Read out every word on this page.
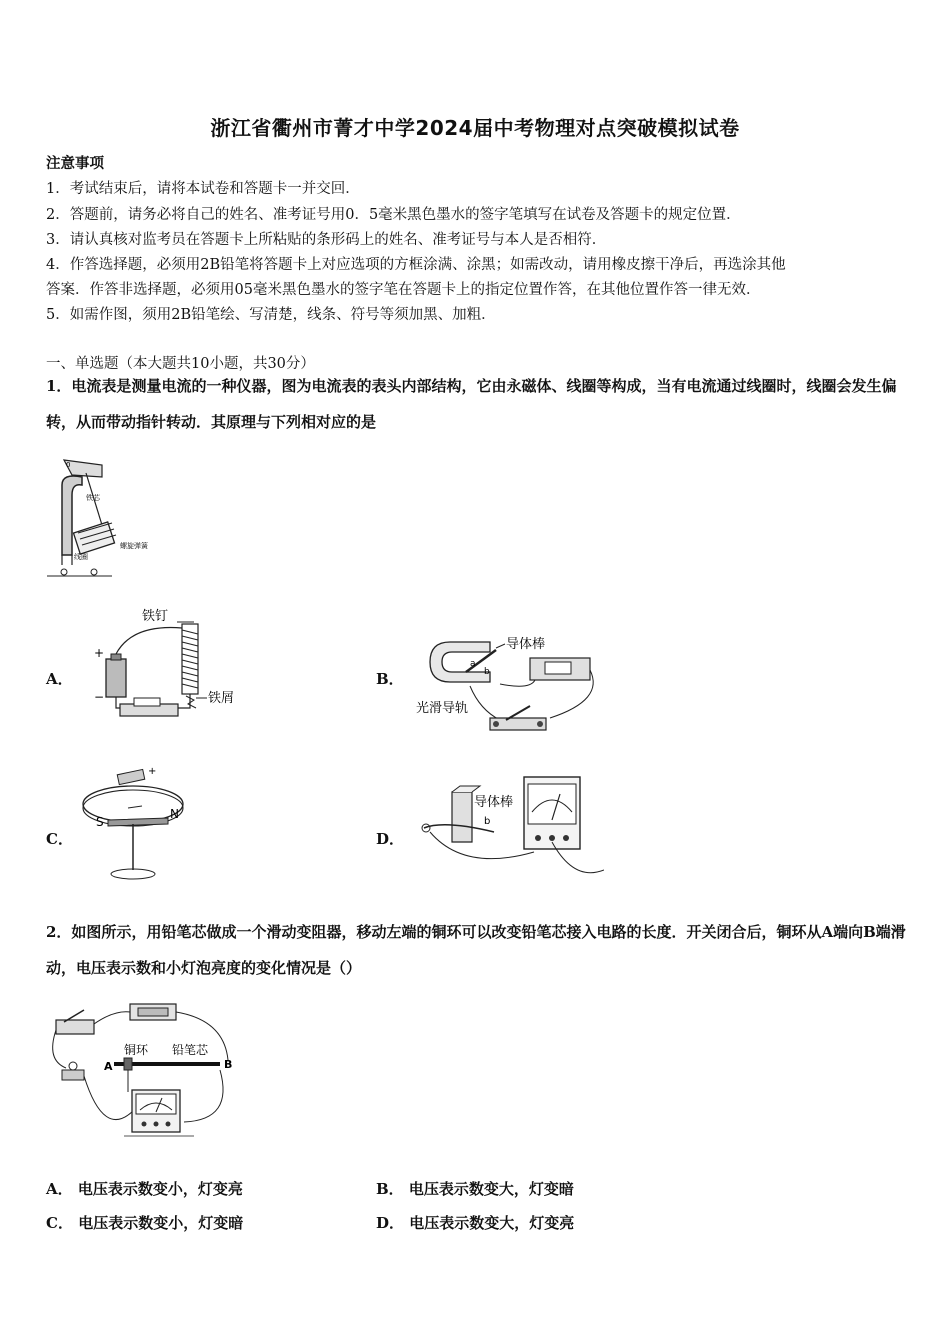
浙江省衢州市菁才中学2024届中考物理对点突破模拟试卷
注意事项
1．考试结束后，请将本试卷和答题卡一并交回．
2．答题前，请务必将自己的姓名、准考证号用0．5毫米黑色墨水的签字笔填写在试卷及答题卡的规定位置．
3．请认真核对监考员在答题卡上所粘贴的条形码上的姓名、准考证号与本人是否相符．
4．作答选择题，必须用2B铅笔将答题卡上对应选项的方框涂满、涂黑；如需改动，请用橡皮擦干净后，再选涂其他
答案．作答非选择题，必须用05毫米黑色墨水的签字笔在答题卡上的指定位置作答，在其他位置作答一律无效．
5．如需作图，须用2B铅笔绘、写清楚，线条、符号等须加黑、加粗．
一、单选题（本大题共10小题，共30分）
1．电流表是测量电流的一种仪器，图为电流表的表头内部结构，它由永磁体、线圈等构成，当有电流通过线圈时，线圈会发生偏转，从而带动指针转动．其原理与下列相对应的是
0
铁芯
螺旋弹簧
线圈
A．
铁钉
+
−	铁屑
B．
导体棒
a
b
光滑导轨
C．
+
S
N
D．
导体棒
b
2．如图所示，用铅笔芯做成一个滑动变阻器，移动左端的铜环可以改变铅笔芯接入电路的长度．开关闭合后，铜环从A端向B端滑动，电压表示数和小灯泡亮度的变化情况是（）
A
铜环 铅笔芯
B
A． 电压表示数变小，灯变亮	B． 电压表示数变大，灯变暗
C． 电压表示数变小，灯变暗	D． 电压表示数变大，灯变亮
